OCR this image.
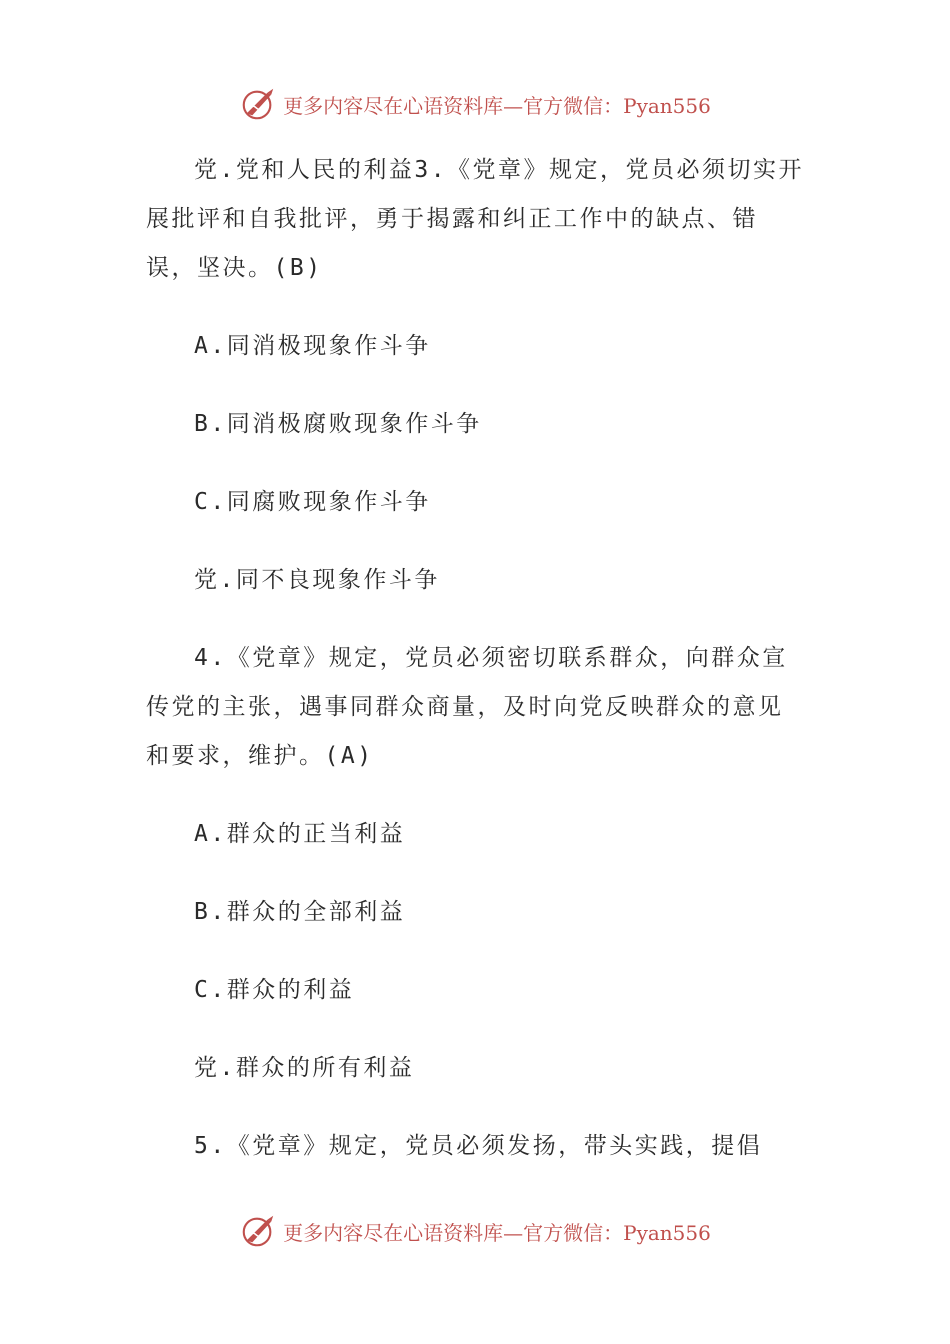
更多内容尽在心语资料库—官方微信：Pyan556

党.党和人民的利益3.《党章》规定，党员必须切实开展批评和自我批评，勇于揭露和纠正工作中的缺点、错误，坚决。(B)

A.同消极现象作斗争

B.同消极腐败现象作斗争

C.同腐败现象作斗争

党.同不良现象作斗争

4.《党章》规定，党员必须密切联系群众，向群众宣传党的主张，遇事同群众商量，及时向党反映群众的意见和要求，维护。(A)

A.群众的正当利益

B.群众的全部利益

C.群众的利益

党.群众的所有利益

5.《党章》规定，党员必须发扬，带头实践，提倡

更多内容尽在心语资料库—官方微信：Pyan556
